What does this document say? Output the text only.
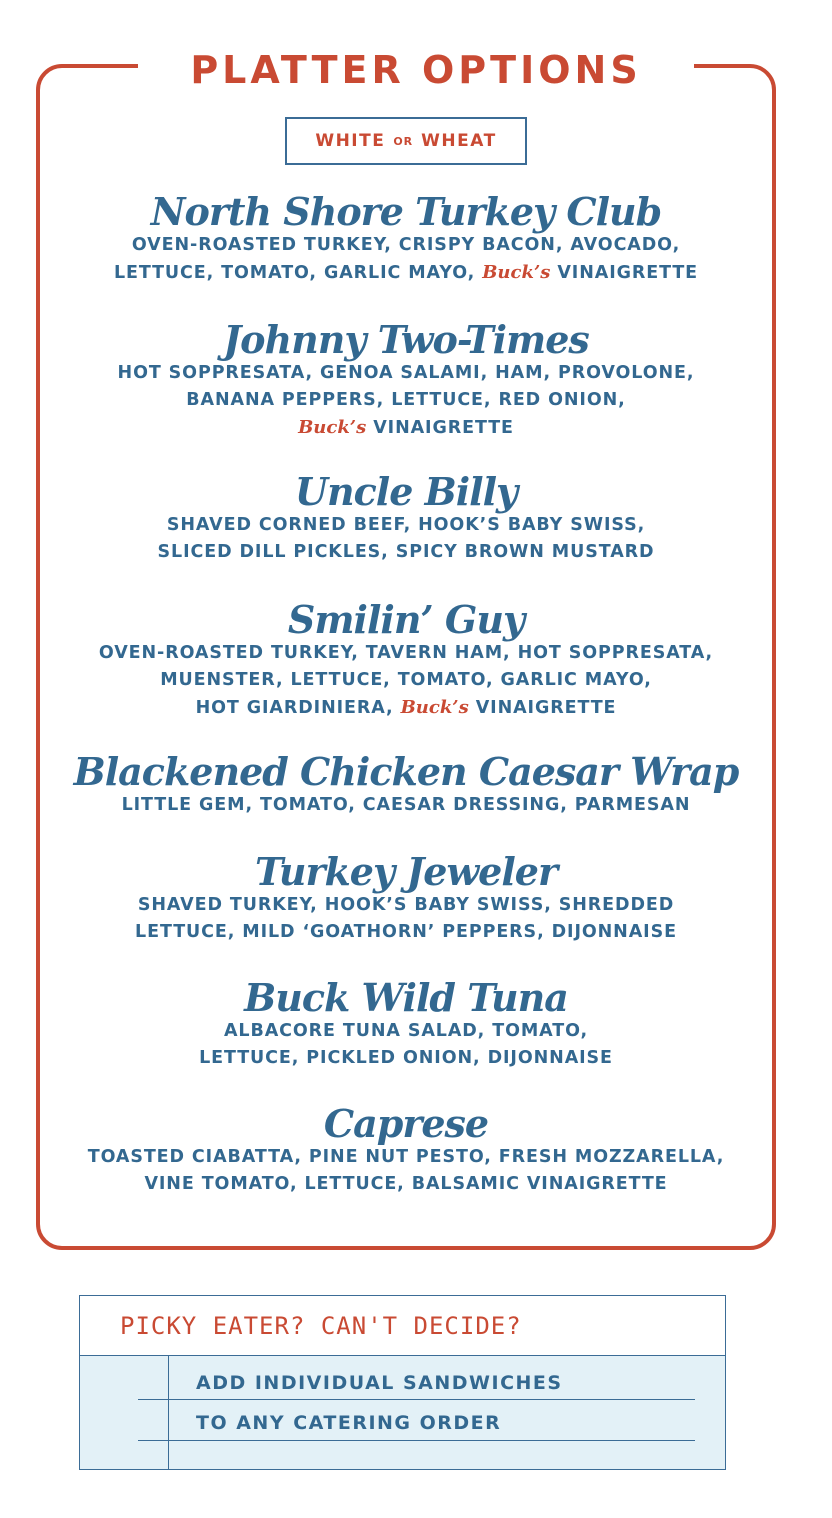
PLATTER OPTIONS
WHITE OR WHEAT
North Shore Turkey Club
OVEN-ROASTED TURKEY, CRISPY BACON, AVOCADO,
LETTUCE, TOMATO, GARLIC MAYO, Buck’s VINAIGRETTE
Johnny Two-Times
HOT SOPPRESATA, GENOA SALAMI, HAM, PROVOLONE,
BANANA PEPPERS, LETTUCE, RED ONION,
Buck’s VINAIGRETTE
Uncle Billy
SHAVED CORNED BEEF, HOOK’S BABY SWISS,
SLICED DILL PICKLES, SPICY BROWN MUSTARD
Smilin’ Guy
OVEN-ROASTED TURKEY, TAVERN HAM, HOT SOPPRESATA,
MUENSTER, LETTUCE, TOMATO, GARLIC MAYO,
HOT GIARDINIERA, Buck’s VINAIGRETTE
Blackened Chicken Caesar Wrap
LITTLE GEM, TOMATO, CAESAR DRESSING, PARMESAN
Turkey Jeweler
SHAVED TURKEY, HOOK’S BABY SWISS, SHREDDED
LETTUCE, MILD ‘GOATHORN’ PEPPERS, DIJONNAISE
Buck Wild Tuna
ALBACORE TUNA SALAD, TOMATO,
LETTUCE, PICKLED ONION, DIJONNAISE
Caprese
TOASTED CIABATTA, PINE NUT PESTO, FRESH MOZZARELLA,
VINE TOMATO, LETTUCE, BALSAMIC VINAIGRETTE
PICKY EATER? CAN'T DECIDE?
ADD INDIVIDUAL SANDWICHES
TO ANY CATERING ORDER
